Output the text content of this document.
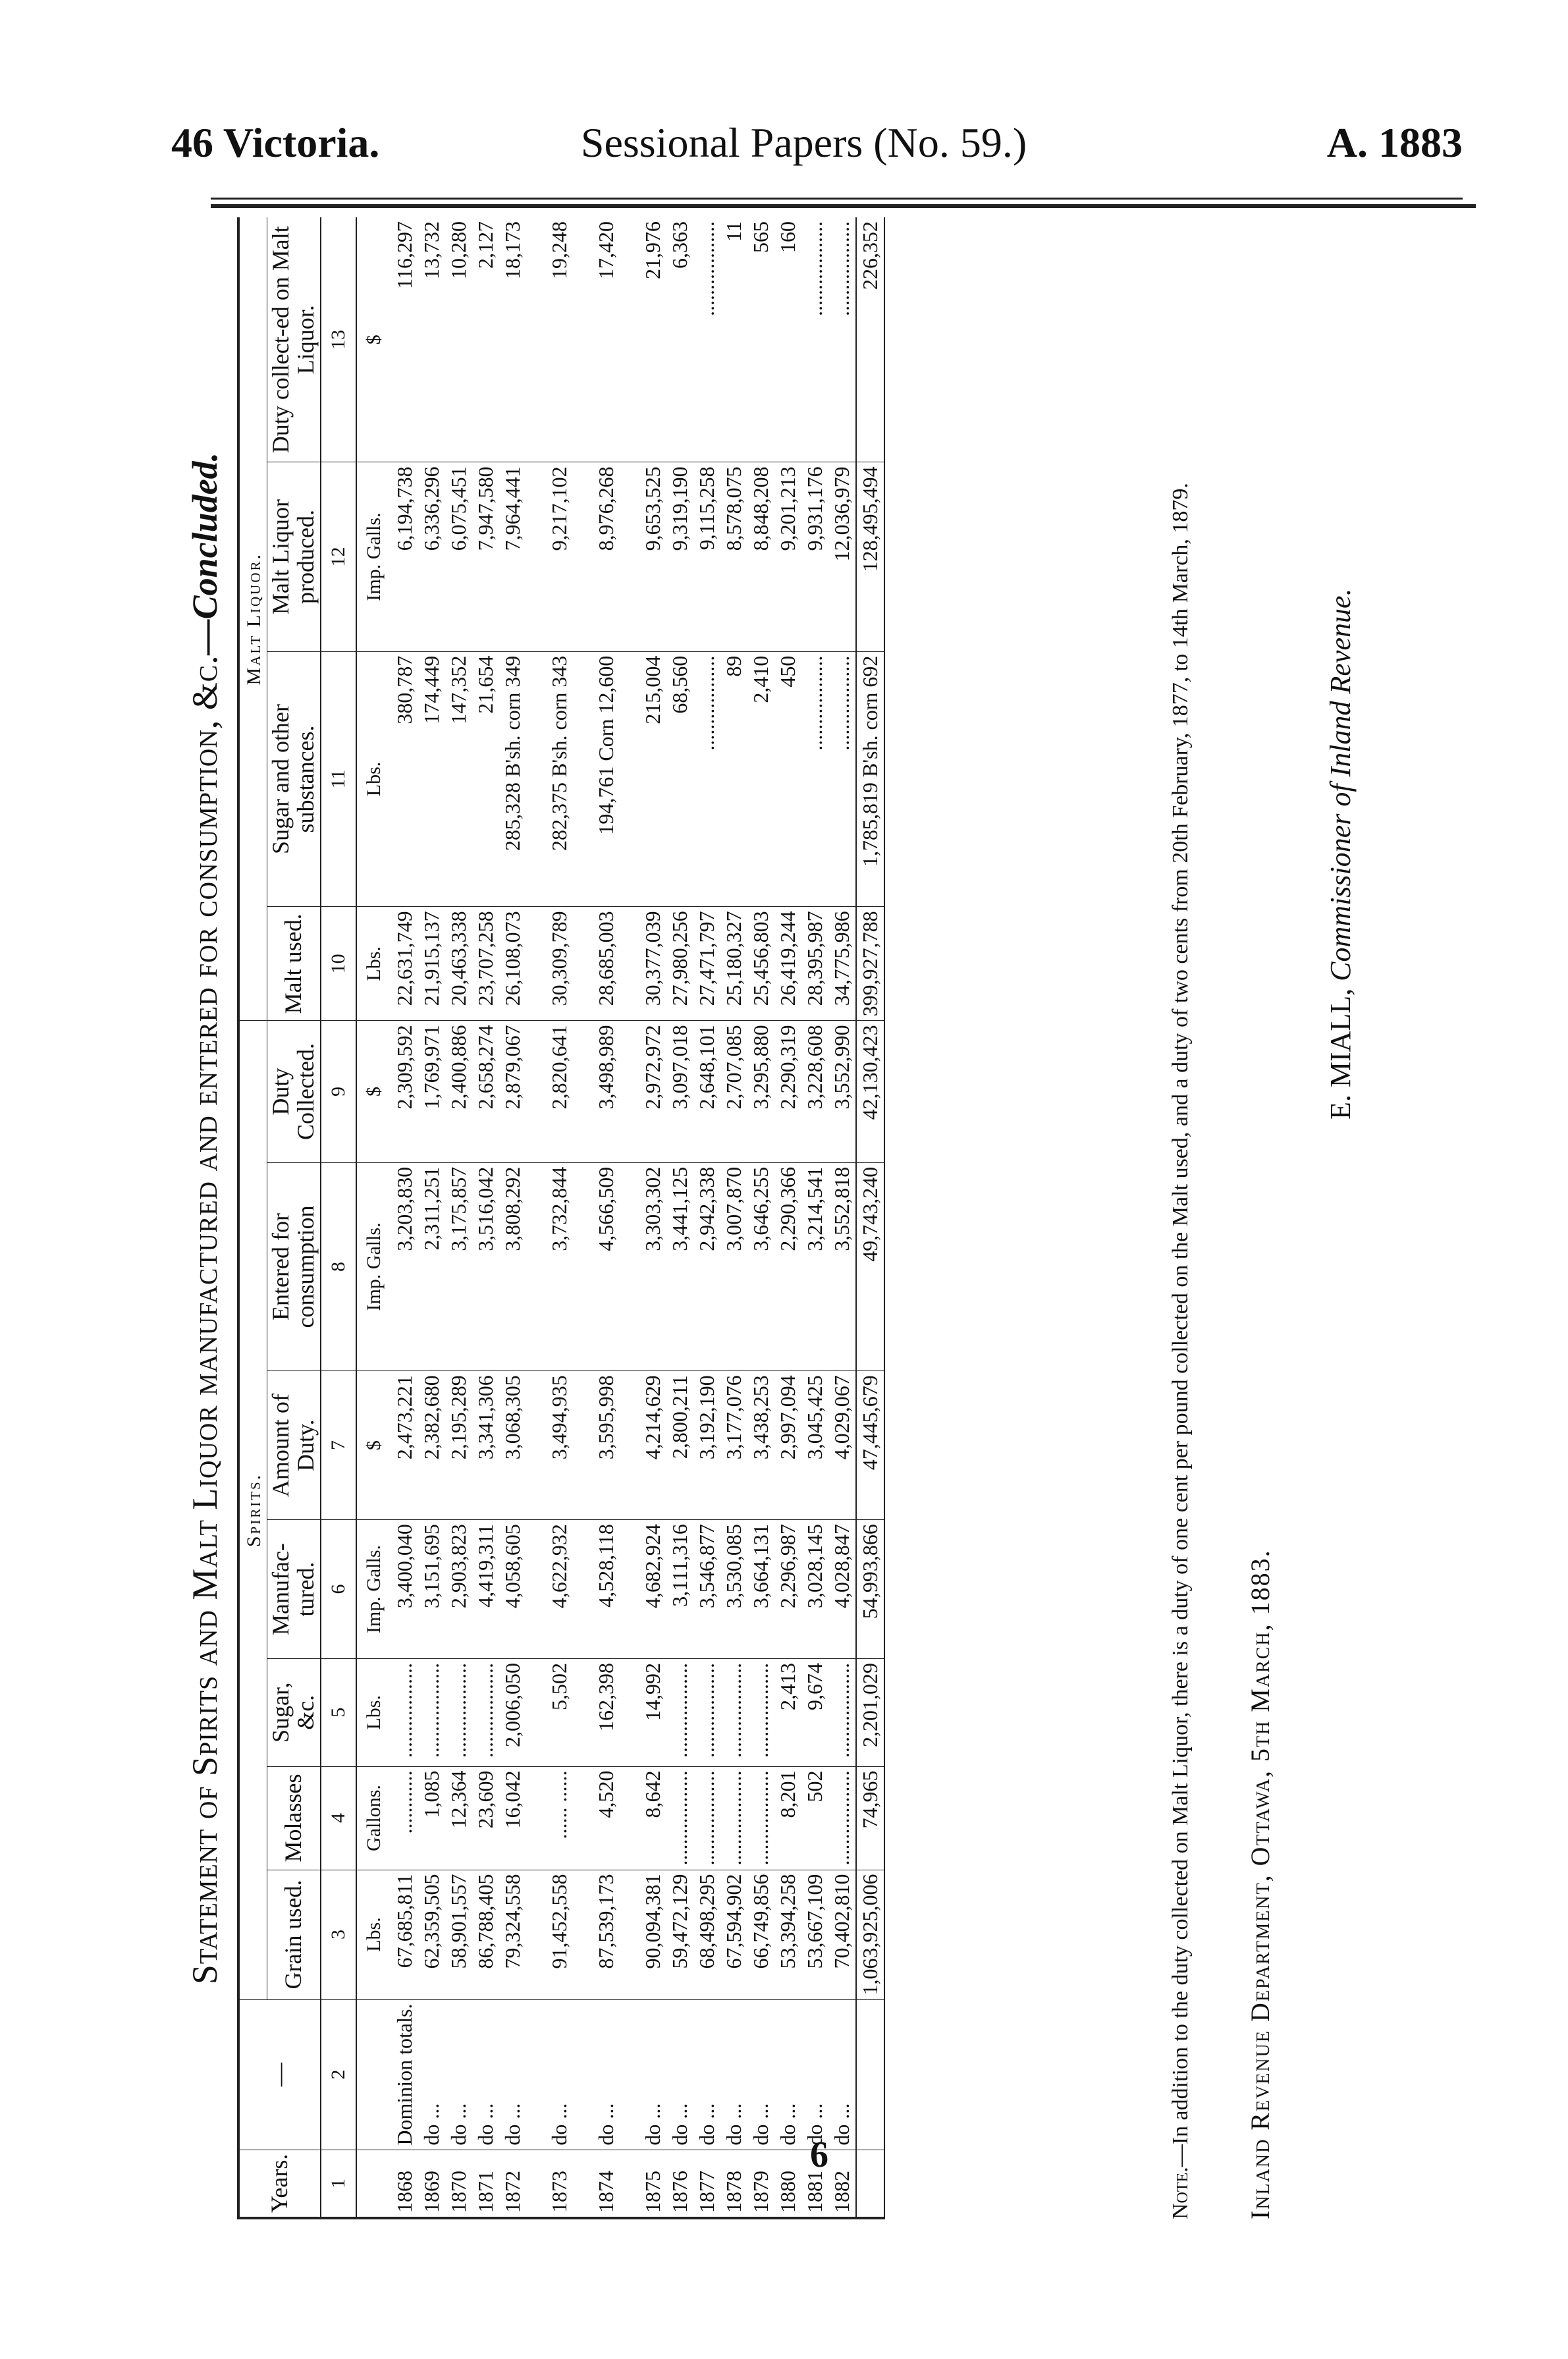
46 Victoria.	Sessional Papers (No. 59.)	A. 1883
Statement of Spirits and Malt Liquor manufactured and entered for consumption, &c.—Concluded.
Years.	—	Spirits.							Malt Liquor.			
		Grain used.	Molasses	Sugar, &c.	Manufac-tured.	Amount of Duty.	Entered for consumption	Duty Collected.	Malt used.	Sugar and other substances.	Malt Liquor produced.	Duty collect-ed on Malt Liquor.
1	2	3	4	5	6	7	8	9	10	11	12	13
		Lbs.	Gallons.	Lbs.	Imp. Galls.	$	Imp. Galls.	$	Lbs.	Lbs.	Imp. Galls.	$
1868	Dominion totals.	67,685,811	............	..................	3,400,040	2,473,221	3,203,830	2,309,592	22,631,749	380,787	6,194,738	116,297
1869	do ...	62,359,505	1,085	..................	3,151,695	2,382,680	2,311,251	1,769,971	21,915,137	174,449	6,336,296	13,732
1870	do ...	58,901,557	12,364	..................	2,903,823	2,195,289	3,175,857	2,400,886	20,463,338	147,352	6,075,451	10,280
1871	do ...	86,788,405	23,609	..................	4,419,311	3,341,306	3,516,042	2,658,274	23,707,258	21,654	7,947,580	2,127
1872	do ...	79,324,558	16,042	2,006,050	4,058,605	3,068,305	3,808,292	2,879,067	26,108,073	285,328 B'sh. corn 349	7,964,441	18,173

1873	do ...	91,452,558	...... ......	5,502	4,622,932	3,494,935	3,732,844	2,820,641	30,309,789	282,375 B'sh. corn 343	9,217,102	19,248

1874	do ...	87,539,173	4,520	162,398	4,528,118	3,595,998	4,566,509	3,498,989	28,685,003	194,761 Corn 12,600	8,976,268	17,420

1875	do ...	90,094,381	8,642	14,992	4,682,924	4,214,629	3,303,302	2,972,972	30,377,039	215,004	9,653,525	21,976
1876	do ...	59,472,129	..................	..................	3,111,316	2,800,211	3,441,125	3,097,018	27,980,256	68,560	9,319,190	6,363
1877	do ...	68,498,295	..................	..................	3,546,877	3,192,190	2,942,338	2,648,101	27,471,797	..................	9,115,258	..................
1878	do ...	67,594,902	..................	..................	3,530,085	3,177,076	3,007,870	2,707,085	25,180,327	89	8,578,075	11
1879	do ...	66,749,856	..................	..................	3,664,131	3,438,253	3,646,255	3,295,880	25,456,803	2,410	8,848,208	565
1880	do ...	53,394,258	8,201	2,413	2,296,987	2,997,094	2,290,366	2,290,319	26,419,244	450	9,201,213	160
1881	do ...	53,667,109	502	9,674	3,028,145	3,045,425	3,214,541	3,228,608	28,395,987	..................	9,931,176	..................
1882	do ...	70,402,810	..................	..................	4,028,847	4,029,067	3,552,818	3,552,990	34,775,986	..................	12,036,979	..................
		1,063,925,006	74,965	2,201,029	54,993,866	47,445,679	49,743,240	42,130,423	399,927,788	1,785,819 B'sh. corn 692	128,495,494	226,352
Note.—In addition to the duty collected on Malt Liquor, there is a duty of one cent per pound collected on the Malt used, and a duty of two cents from 20th February, 1877, to 14th March, 1879. Inland Revenue Department, Ottawa, 5th March, 1883.
E. MIALL, Commissioner of Inland Revenue.
6
